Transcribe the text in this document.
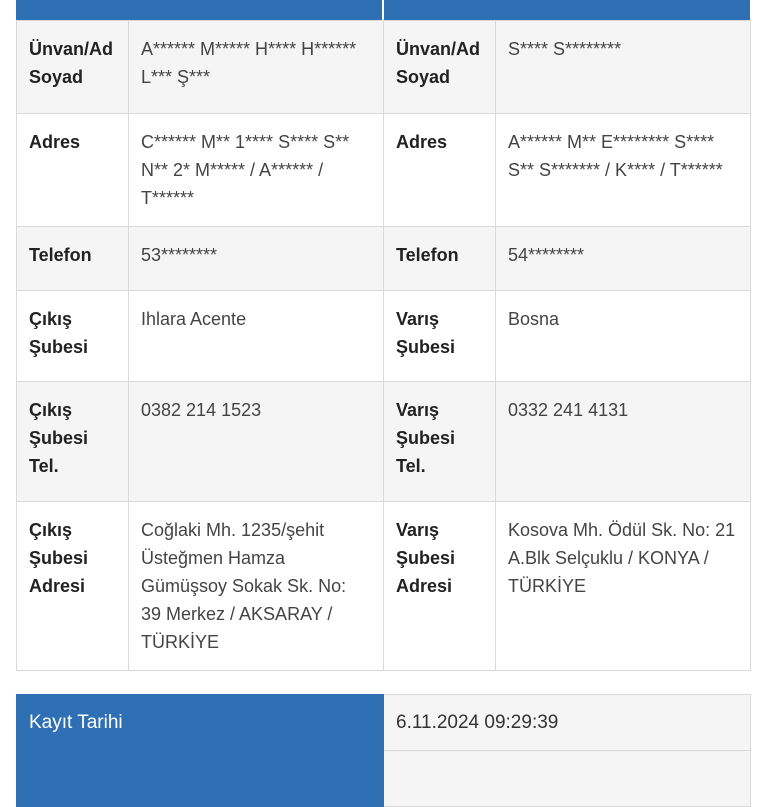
Ünvan/Ad Soyad	A****** M***** H**** H****** L*** Ş***	Ünvan/Ad Soyad	S**** S********
Adres	C****** M** 1**** S**** S** N** 2* M***** / A****** / T******	Adres	A****** M** E******** S**** S** S******* / K**** / T******
Telefon	53********	Telefon	54********
Çıkış Şubesi	Ihlara Acente	Varış Şubesi	Bosna
Çıkış Şubesi Tel.	0382 214 1523	Varış Şubesi Tel.	0332 241 4131
Çıkış Şubesi Adresi	Coğlaki Mh. 1235/şehit Üsteğmen Hamza Gümüşsoy Sokak Sk. No: 39 Merkez / AKSARAY / TÜRKİYE	Varış Şubesi Adresi	Kosova Mh. Ödül Sk. No: 21 A.Blk Selçuklu / KONYA / TÜRKİYE
Kayıt Tarihi	6.11.2024 09:29:39
